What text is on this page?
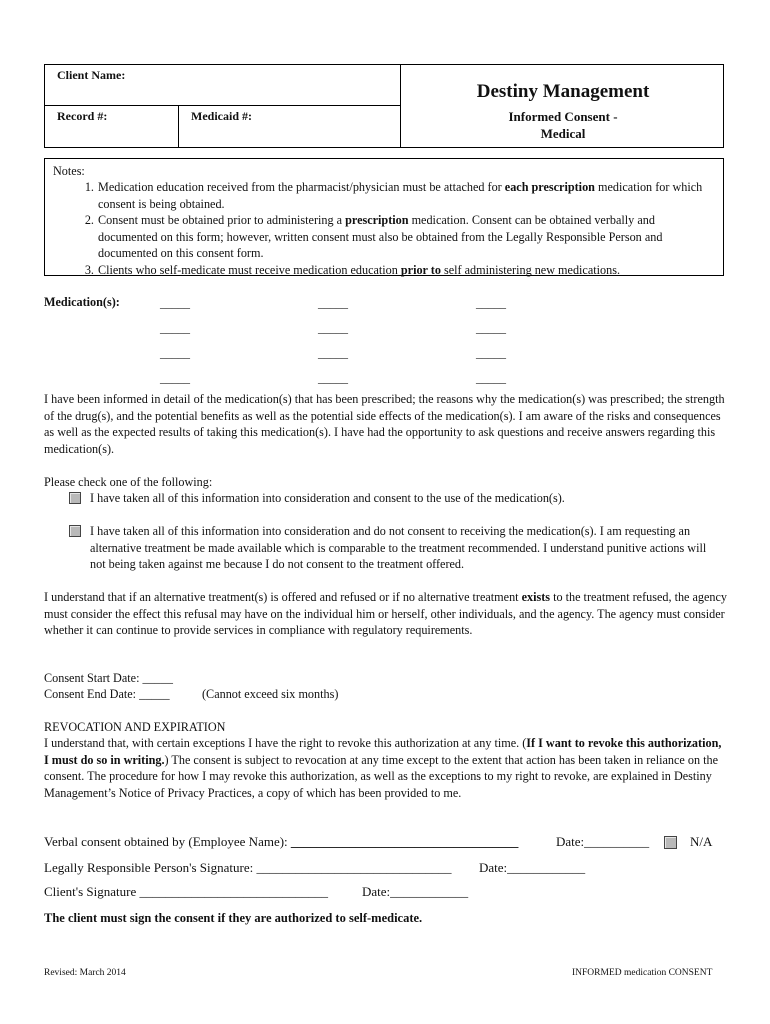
Client Name:
Record #:	Medicaid #:
Destiny Management
Informed Consent -
Medical
Notes:
1. Medication education received from the pharmacist/physician must be attached for each prescription medication for which consent is being obtained.
2. Consent must be obtained prior to administering a prescription medication. Consent can be obtained verbally and documented on this form; however, written consent must also be obtained from the Legally Responsible Person and documented on this consent form.
3. Clients who self-medicate must receive medication education prior to self administering new medications.
Medication(s):	_____	_____	_____
_____	_____	_____
_____	_____	_____
_____	_____	_____
I have been informed in detail of the medication(s) that has been prescribed; the reasons why the medication(s) was prescribed; the strength of the drug(s), and the potential benefits as well as the potential side effects of the medication(s). I am aware of the risks and consequences as well as the expected results of taking this medication(s). I have had the opportunity to ask questions and receive answers regarding this medication(s).
Please check one of the following:
I have taken all of this information into consideration and consent to the use of the medication(s).
I have taken all of this information into consideration and do not consent to receiving the medication(s). I am requesting an alternative treatment be made available which is comparable to the treatment recommended. I understand punitive actions will not being taken against me because I do not consent to the treatment offered.
I understand that if an alternative treatment(s) is offered and refused or if no alternative treatment exists to the treatment refused, the agency must consider the effect this refusal may have on the individual him or herself, other individuals, and the agency. The agency must consider whether it can continue to provide services in compliance with regulatory requirements.
Consent Start Date: _____
Consent End Date: _____	(Cannot exceed six months)
REVOCATION AND EXPIRATION
I understand that, with certain exceptions I have the right to revoke this authorization at any time. (If I want to revoke this authorization, I must do so in writing.) The consent is subject to revocation at any time except to the extent that action has been taken in reliance on the consent. The procedure for how I may revoke this authorization, as well as the exceptions to my right to revoke, are explained in Destiny Management’s Notice of Privacy Practices, a copy of which has been provided to me.
Verbal consent obtained by (Employee Name): ___________________________________	Date:__________	N/A
Legally Responsible Person's Signature: ______________________________ Date:____________
Client's Signature _____________________________	Date:____________
The client must sign the consent if they are authorized to self-medicate.
Revised: March 2014	INFORMED medication CONSENT
